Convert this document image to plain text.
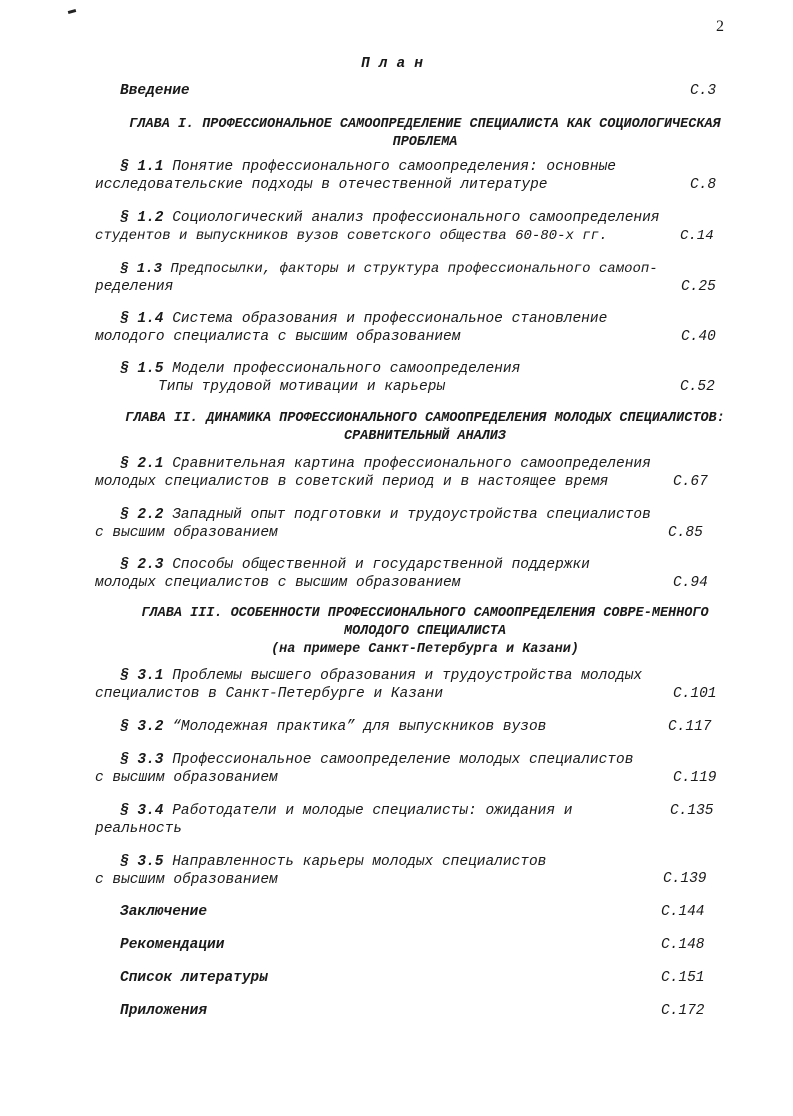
2
План
Введение	С.3
ГЛАВА I. ПРОФЕССИОНАЛЬНОЕ САМООПРЕДЕЛЕНИЕ СПЕЦИАЛИСТА КАК СОЦИОЛОГИЧЕСКАЯ ПРОБЛЕМА
§ 1.1 Понятие профессионального самоопределения: основные
исследовательские подходы в отечественной литературе	С.8
§ 1.2 Социологический анализ профессионального самоопределения
студентов и выпускников вузов советского общества 60-80-х гг.	С.14
§ 1.3 Предпосылки, факторы и структура профессионального самооп-
ределения	С.25
§ 1.4 Система образования и профессиональное становление
молодого специалиста с высшим образованием	С.40
§ 1.5 Модели профессионального самоопределения
Типы трудовой мотивации и карьеры	С.52
ГЛАВА II. ДИНАМИКА ПРОФЕССИОНАЛЬНОГО САМООПРЕДЕЛЕНИЯ МОЛОДЫХ СПЕЦИАЛИСТОВ: СРАВНИТЕЛЬНЫЙ АНАЛИЗ
§ 2.1 Сравнительная картина профессионального самоопределения
молодых специалистов в советский период и в настоящее время	С.67
§ 2.2 Западный опыт подготовки и трудоустройства специалистов
с высшим образованием	С.85
§ 2.3 Способы общественной и государственной поддержки
молодых специалистов с высшим образованием	С.94
ГЛАВА III. ОСОБЕННОСТИ ПРОФЕССИОНАЛЬНОГО САМООПРЕДЕЛЕНИЯ СОВРЕ-МЕННОГО МОЛОДОГО СПЕЦИАЛИСТА
(на примере Санкт-Петербурга и Казани)
§ 3.1 Проблемы высшего образования и трудоустройства молодых
специалистов в Санкт-Петербурге и Казани	С.101
§ 3.2 “Молодежная практика” для выпускников вузов	С.117
§ 3.3 Профессиональное самоопределение молодых специалистов
с высшим образованием	С.119
§ 3.4 Работодатели и молодые специалисты: ожидания и	С.135
реальность
§ 3.5 Направленность карьеры молодых специалистов
с высшим образованием	С.139
Заключение	С.144
Рекомендации	С.148
Список литературы	С.151
Приложения	С.172
